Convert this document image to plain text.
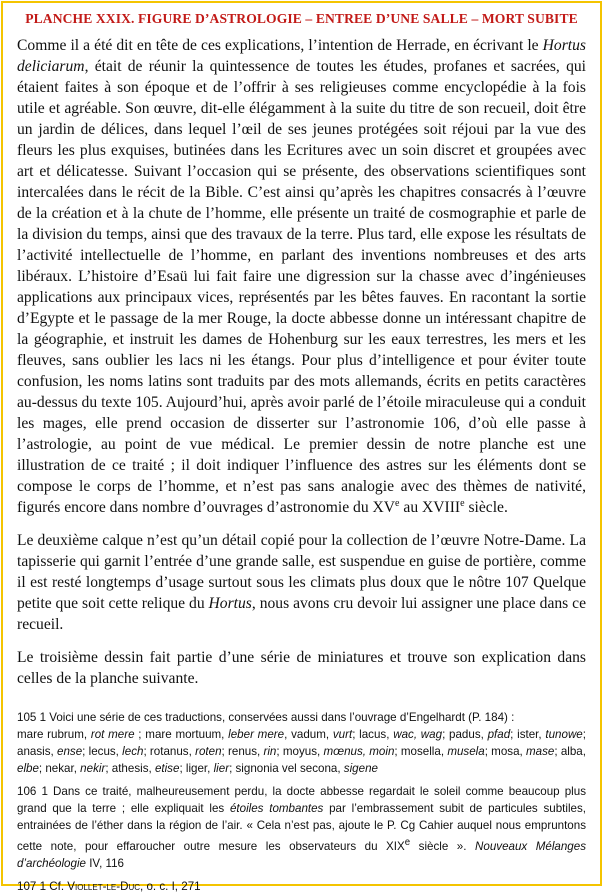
PLANCHE XXIX. FIGURE D’ASTROLOGIE – ENTREE D’UNE SALLE – MORT SUBITE

Comme il a été dit en tête de ces explications, l’intention de Herrade, en écrivant le Hortus deliciarum, était de réunir la quintessence de toutes les études, profanes et sacrées, qui étaient faites à son époque et de l’offrir à ses religieuses comme encyclopédie à la fois utile et agréable. Son œuvre, dit-elle élégamment à la suite du titre de son recueil, doit être un jardin de délices, dans lequel l’œil de ses jeunes protégées soit réjoui par la vue des fleurs les plus exquises, butinées dans les Ecritures avec un soin discret et groupées avec art et délicatesse. Suivant l’occasion qui se présente, des observations scientifiques sont intercalées dans le récit de la Bible. C’est ainsi qu’après les chapitres consacrés à l’œuvre de la création et à la chute de l’homme, elle présente un traité de cosmographie et parle de la division du temps, ainsi que des travaux de la terre. Plus tard, elle expose les résultats de l’activité intellectuelle de l’homme, en parlant des inventions nombreuses et des arts libéraux. L’histoire d’Esaü lui fait faire une digression sur la chasse avec d’ingénieuses applications aux principaux vices, représentés par les bêtes fauves. En racontant la sortie d’Egypte et le passage de la mer Rouge, la docte abbesse donne un intéressant chapitre de la géographie, et instruit les dames de Hohenburg sur les eaux terrestres, les mers et les fleuves, sans oublier les lacs ni les étangs. Pour plus d’intelligence et pour éviter toute confusion, les noms latins sont traduits par des mots allemands, écrits en petits caractères au-dessus du texte 105. Aujourd’hui, après avoir parlé de l’étoile miraculeuse qui a conduit les mages, elle prend occasion de disserter sur l’astronomie 106, d’où elle passe à l’astrologie, au point de vue médical. Le premier dessin de notre planche est une illustration de ce traité ; il doit indiquer l’influence des astres sur les éléments dont se compose le corps de l’homme, et n’est pas sans analogie avec des thèmes de nativité, figurés encore dans nombre d’ouvrages d’astronomie du XVe au XVIIIe siècle.

Le deuxième calque n’est qu’un détail copié pour la collection de l’œuvre Notre-Dame. La tapisserie qui garnit l’entrée d’une grande salle, est suspendue en guise de portière, comme il est resté longtemps d’usage surtout sous les climats plus doux que le nôtre 107 Quelque petite que soit cette relique du Hortus, nous avons cru devoir lui assigner une place dans ce recueil.

Le troisième dessin fait partie d’une série de miniatures et trouve son explication dans celles de la planche suivante.

105 1 Voici une série de ces traductions, conservées aussi dans l’ouvrage d’Engelhardt (P. 184) :
mare rubrum, rot mere ; mare mortuum, leber mere, vadum, vurt; lacus, wac, wag; padus, pfad; ister, tunowe; anasis, ense; lecus, lech; rotanus, roten; renus, rin; moyus, mœnus, moin; mosella, musela; mosa, mase; alba, elbe; nekar, nekir; athesis, etise; liger, lier; signonia vel secona, sigene
106 1 Dans ce traité, malheureusement perdu, la docte abbesse regardait le soleil comme beaucoup plus grand que la terre ; elle expliquait les étoiles tombantes par l’embrassement subit de particules subtiles, entrainées de l’éther dans la région de l’air. « Cela n’est pas, ajoute le P. Cg Cahier auquel nous empruntons cette note, pour effaroucher outre mesure les observateurs du XIXe siècle ». Nouveaux Mélanges d’archéologie IV, 116
107 1 Cf. Viollet-le-Duc, o. c. I, 271
